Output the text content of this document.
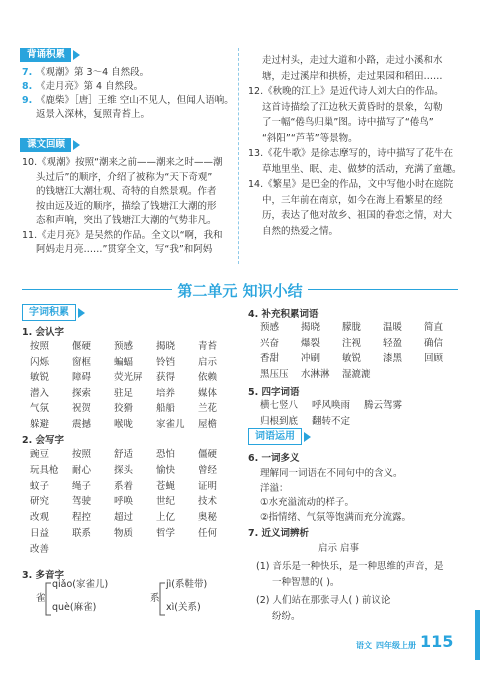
背诵积累
课文回顾
第二单元 知识小结
字词积累
1. 会认字
2. 会写字
3. 多音字
雀
qiǎo(家雀儿)
què(麻雀)
系
jì(系鞋带)
xì(关系)
4. 补充积累词语
5. 四字词语
词语运用
6. 一词多义
7. 近义词辨析
启示 启事
(1) 音乐是一种快乐，是一种思维的声音，是
一种智慧的( )。
(2) 人们站在那张寻人( ) 前议论
纷纷。
语文 四年级上册 115
7. 《观潮》第 3～4 自然段。
8. 《走月亮》第 4 自然段。
9. 《鹿柴》［唐］王维 空山不见人，但闻人语响。
返景入深林，复照青苔上。
10.《观潮》按照“潮来之前——潮来之时——潮
头过后”的顺序，介绍了被称为“天下奇观”
的钱塘江大潮壮观、奇特的自然景观。作者
按由远及近的顺序，描绘了钱塘江大潮的形
态和声响，突出了钱塘江大潮的气势非凡。
11.《走月亮》是吴然的作品。全文以“啊，我和
阿妈走月亮……”贯穿全文，写“我”和阿妈
走过村头，走过大道和小路，走过小溪和水
塘，走过溪岸和拱桥，走过果园和稻田……
12.《秋晚的江上》是近代诗人刘大白的作品。
这首诗描绘了江边秋天黄昏时的景象，勾勒
了一幅“倦鸟归巢”图。诗中描写了“倦鸟”
“斜阳”“芦苇”等景物。
13.《花牛歌》是徐志摩写的，诗中描写了花牛在
草地里坐、眠、走、做梦的活动，充满了童趣。
14.《繁星》是巴金的作品，文中写他小时在庭院
中，三年前在南京，如今在海上看繁星的经
历，表达了他对故乡、祖国的眷恋之情，对大
自然的热爱之情。
按照 偃硬 预感 揭晓 青苔
闪烁 窗框 蝙蝠 铃铛 启示
敏锐 障碍 荧光屏 获得 依赖
潜入 探索 驻足 培养 媒体
气氛 祝贺 狡猾 船船 兰花
躲避 震撼 喉咙 家雀儿 屋檐
豌豆 按照 舒适 恐怕 僵硬
玩具枪 耐心 探头 愉快 曾经
蚊子 绳子 系着 苍蝇 证明
研究 驾驶 呼唤 世纪 技术
改观 程控 超过 上亿 奥秘
日益 联系 物质 哲学 任何
改善
预感 揭晓 朦胧 温暖 简直
兴奋 爆裂 注视 轻盈 确信
香甜 冲刷 敏锐 漆黑 回顾
黑压压 水淋淋 湿漉漉
横七竖八 呼风唤雨 腾云驾雾
归根到底 翻转不定
理解同一词语在不同句中的含义。
洋溢：
①水充溢流动的样子。
②指情绪、气氛等饱满而充分流露。
